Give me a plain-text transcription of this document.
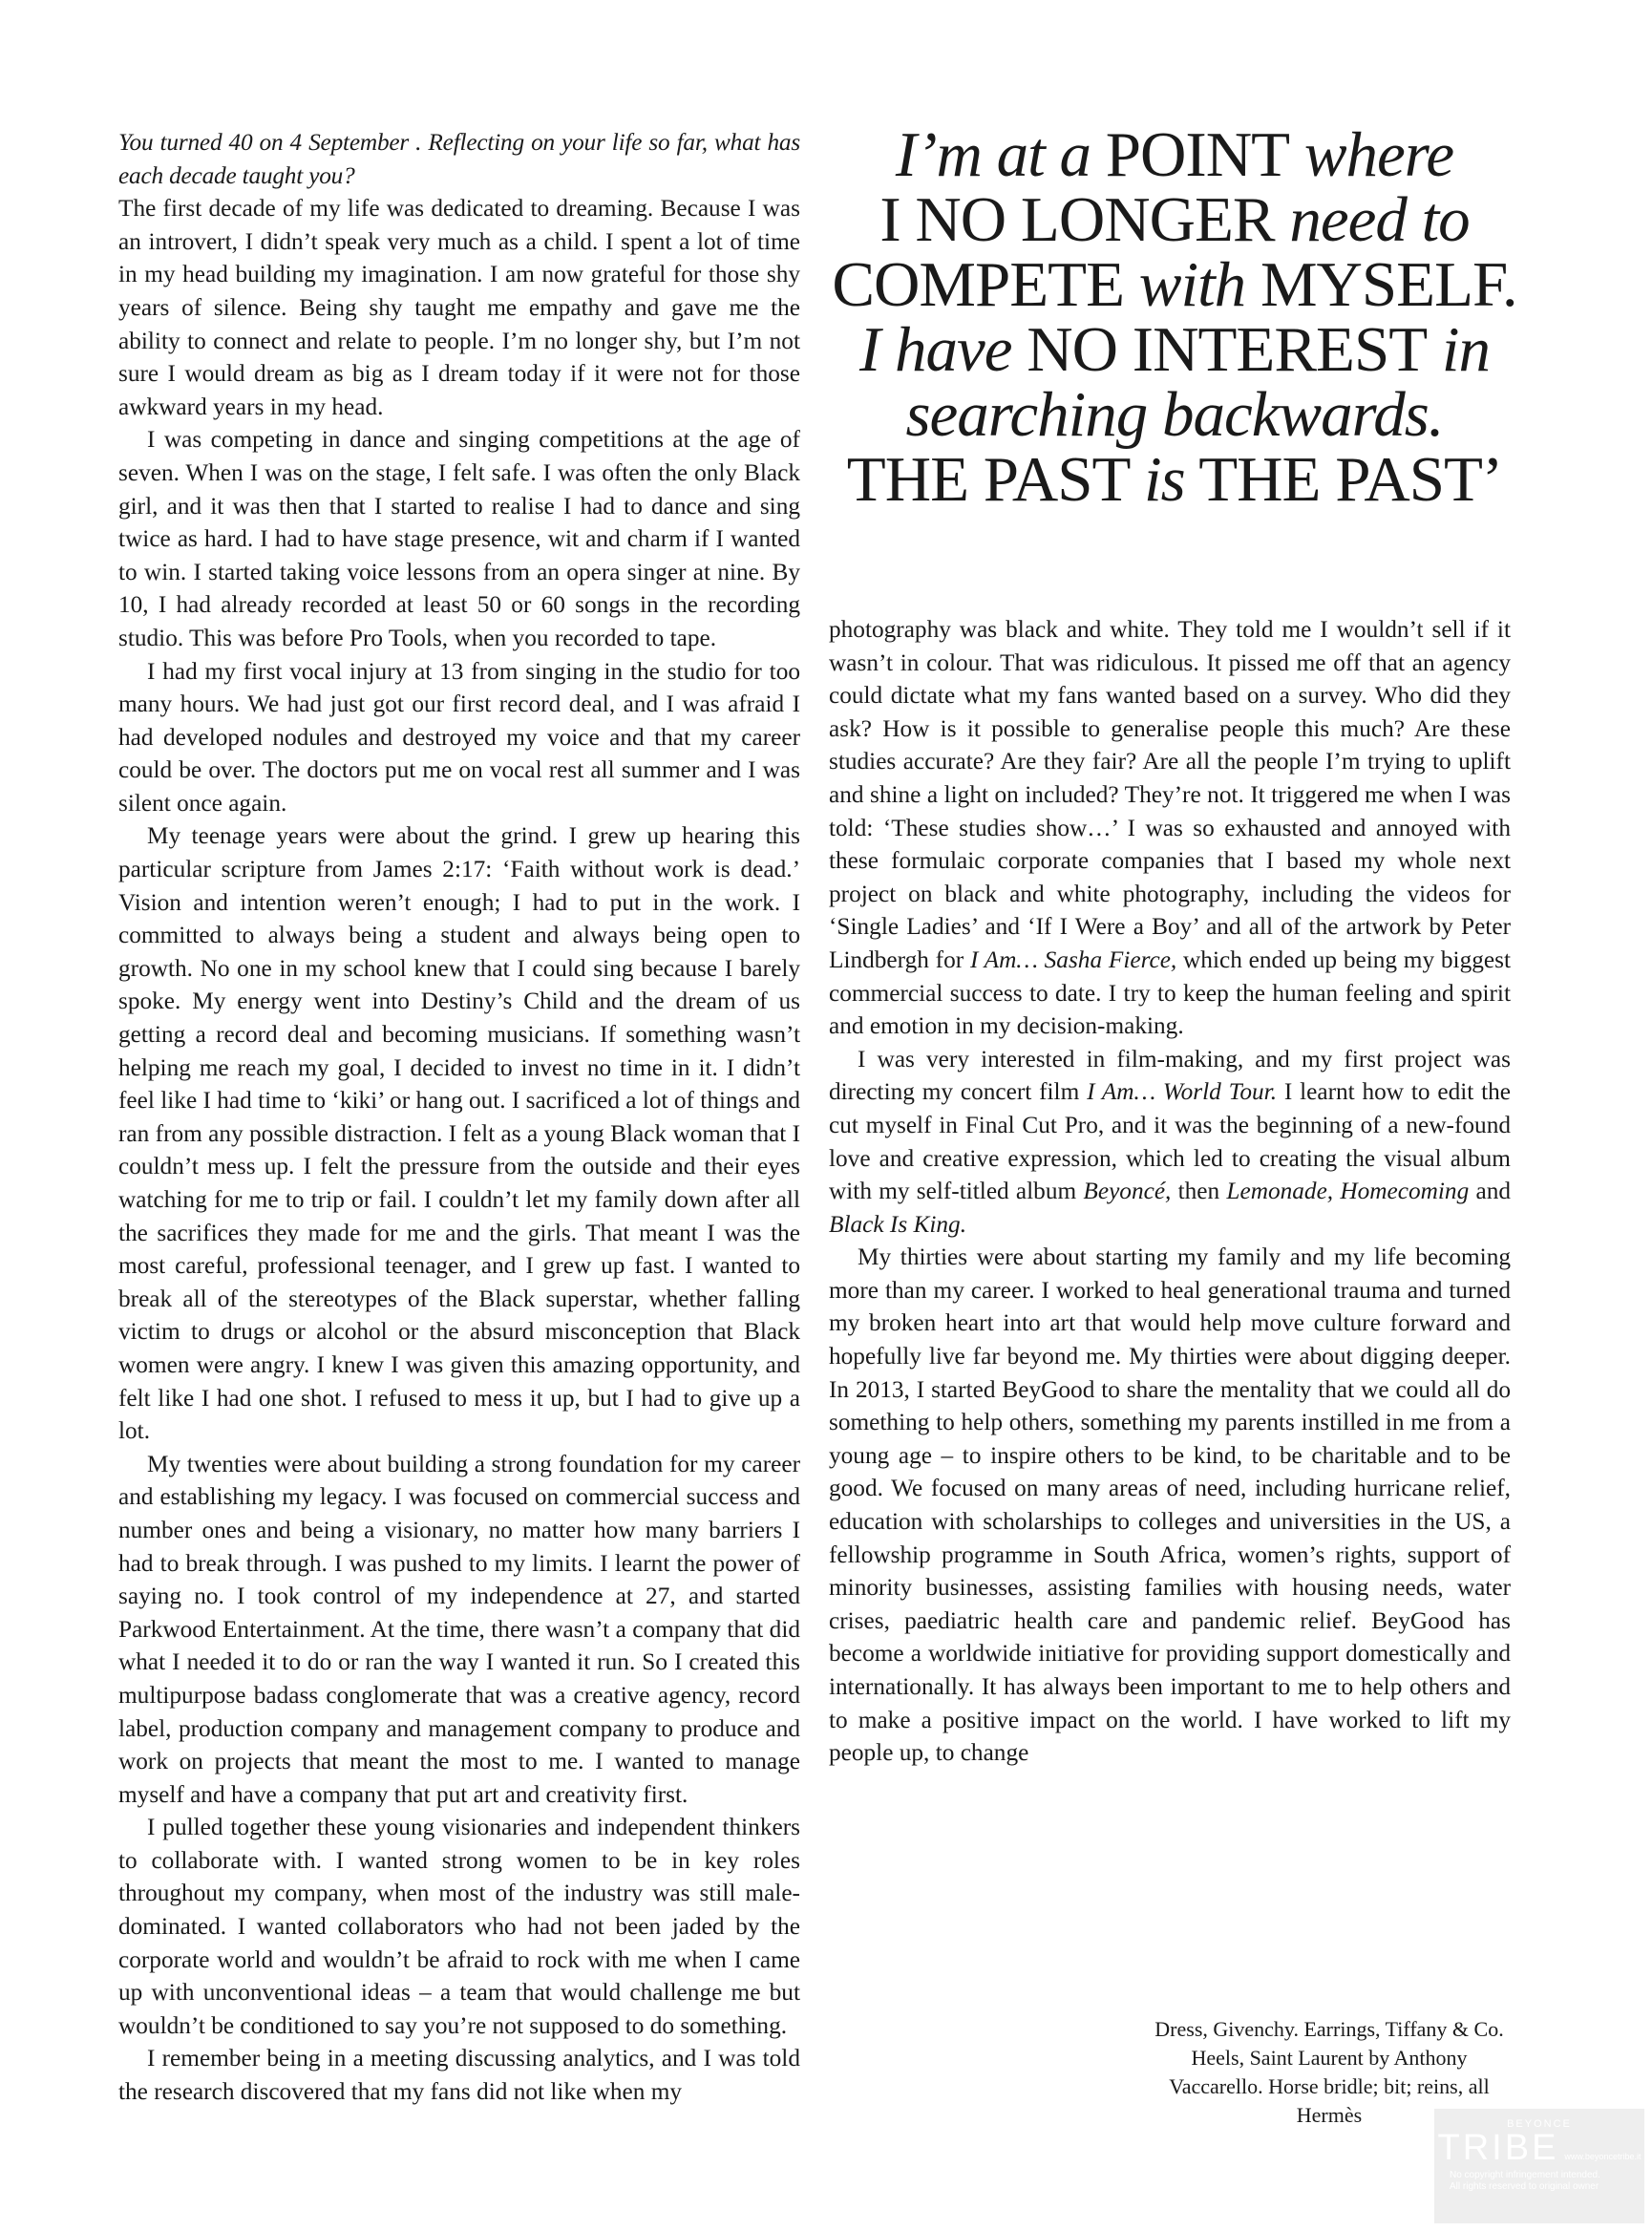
You turned 40 on 4 September . Reflecting on your life so far, what has each decade taught you?

The first decade of my life was dedicated to dreaming. Because I was an introvert, I didn’t speak very much as a child. I spent a lot of time in my head building my imagination. I am now grateful for those shy years of silence. Being shy taught me empathy and gave me the ability to connect and relate to people. I’m no longer shy, but I’m not sure I would dream as big as I dream today if it were not for those awkward years in my head.

I was competing in dance and singing competitions at the age of seven. When I was on the stage, I felt safe. I was often the only Black girl, and it was then that I started to realise I had to dance and sing twice as hard. I had to have stage presence, wit and charm if I wanted to win. I started taking voice lessons from an opera singer at nine. By 10, I had already recorded at least 50 or 60 songs in the recording studio. This was before Pro Tools, when you recorded to tape.

I had my first vocal injury at 13 from singing in the studio for too many hours. We had just got our first record deal, and I was afraid I had developed nodules and destroyed my voice and that my career could be over. The doctors put me on vocal rest all summer and I was silent once again.

My teenage years were about the grind. I grew up hearing this particular scripture from James 2:17: ‘Faith without work is dead.’ Vision and intention weren’t enough; I had to put in the work. I committed to always being a student and always being open to growth. No one in my school knew that I could sing because I barely spoke. My energy went into Destiny’s Child and the dream of us getting a record deal and becoming musicians. If something wasn’t helping me reach my goal, I decided to invest no time in it. I didn’t feel like I had time to ‘kiki’ or hang out. I sacrificed a lot of things and ran from any possible distraction. I felt as a young Black woman that I couldn’t mess up. I felt the pressure from the outside and their eyes watching for me to trip or fail. I couldn’t let my family down after all the sacrifices they made for me and the girls. That meant I was the most careful, professional teenager, and I grew up fast. I wanted to break all of the stereotypes of the Black superstar, whether falling victim to drugs or alcohol or the absurd misconception that Black women were angry. I knew I was given this amazing opportunity, and felt like I had one shot. I refused to mess it up, but I had to give up a lot.

My twenties were about building a strong foundation for my career and establishing my legacy. I was focused on commercial success and number ones and being a visionary, no matter how many barriers I had to break through. I was pushed to my limits. I learnt the power of saying no. I took control of my independence at 27, and started Parkwood Entertainment. At the time, there wasn’t a company that did what I needed it to do or ran the way I wanted it run. So I created this multipurpose badass conglomerate that was a creative agency, record label, production company and management company to produce and work on projects that meant the most to me. I wanted to manage myself and have a company that put art and creativity first.

I pulled together these young visionaries and independent thinkers to collaborate with. I wanted strong women to be in key roles throughout my company, when most of the industry was still male-dominated. I wanted collaborators who had not been jaded by the corporate world and wouldn’t be afraid to rock with me when I came up with unconventional ideas – a team that would challenge me but wouldn’t be conditioned to say you’re not supposed to do something.

I remember being in a meeting discussing analytics, and I was told the research discovered that my fans did not like when my

I’m at a POINT where
I NO LONGER need to
COMPETE with MYSELF.
I have NO INTEREST in
searching backwards.
THE PAST is THE PAST’

photography was black and white. They told me I wouldn’t sell if it wasn’t in colour. That was ridiculous. It pissed me off that an agency could dictate what my fans wanted based on a survey. Who did they ask? How is it possible to generalise people this much? Are these studies accurate? Are they fair? Are all the people I’m trying to uplift and shine a light on included? They’re not. It triggered me when I was told: ‘These studies show…’ I was so exhausted and annoyed with these formulaic corporate companies that I based my whole next project on black and white photography, including the videos for ‘Single Ladies’ and ‘If I Were a Boy’ and all of the artwork by Peter Lindbergh for I Am… Sasha Fierce, which ended up being my biggest commercial success to date. I try to keep the human feeling and spirit and emotion in my decision-making.

I was very interested in film-making, and my first project was directing my concert film I Am… World Tour. I learnt how to edit the cut myself in Final Cut Pro, and it was the beginning of a new-found love and creative expression, which led to creating the visual album with my self-titled album Beyoncé, then Lemonade, Homecoming and Black Is King.

My thirties were about starting my family and my life becoming more than my career. I worked to heal generational trauma and turned my broken heart into art that would help move culture forward and hopefully live far beyond me. My thirties were about digging deeper. In 2013, I started BeyGood to share the mentality that we could all do something to help others, something my parents instilled in me from a young age – to inspire others to be kind, to be charitable and to be good. We focused on many areas of need, including hurricane relief, education with scholarships to colleges and universities in the US, a fellowship programme in South Africa, women’s rights, support of minority businesses, assisting families with housing needs, water crises, paediatric health care and pandemic relief. BeyGood has become a worldwide initiative for providing support domestically and internationally. It has always been important to me to help others and to make a positive impact on the world. I have worked to lift my people up, to change

Dress, Givenchy. Earrings, Tiffany & Co. Heels, Saint Laurent by Anthony Vaccarello. Horse bridle; bit; reins, all Hermès	BEYONCE
TRIBE www.beyoncetribe.it
No copyright infringement intended.
All rights reserved to original owner
